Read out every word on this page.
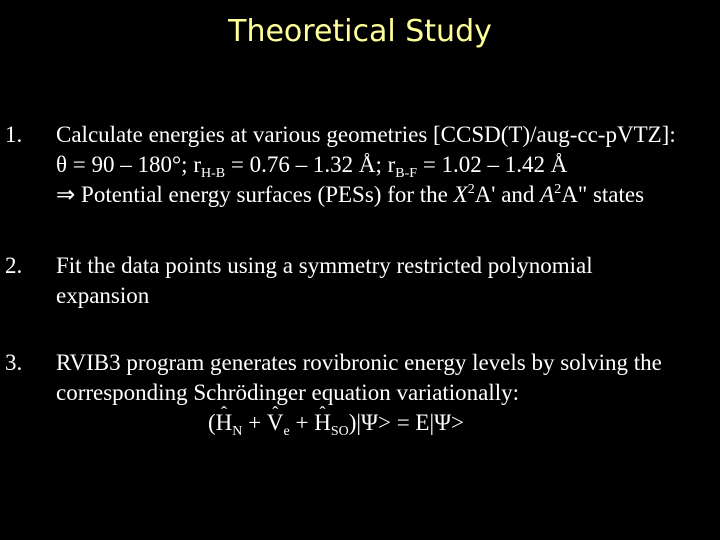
Theoretical Study
1. Calculate energies at various geometries [CCSD(T)/aug-cc-pVTZ]:
θ = 90 – 180°; $r_{H-B} = 0.76 - 1.32$ Å; $r_{B-F} = 1.02 - 1.42$ Å
⇒ Potential energy surfaces (PESs) for the $X^2A'$ and $A^2A$" states
2. Fit the data points using a symmetry restricted polynomial
expansion
3. RVIB3 program generates rovibronic energy levels by solving the
corresponding Schrödinger equation variationally:
(ˆ $H_N$ + ˆ $V_e$ + ˆ $H_{SO})|\Psi> = E|\Psi>$
